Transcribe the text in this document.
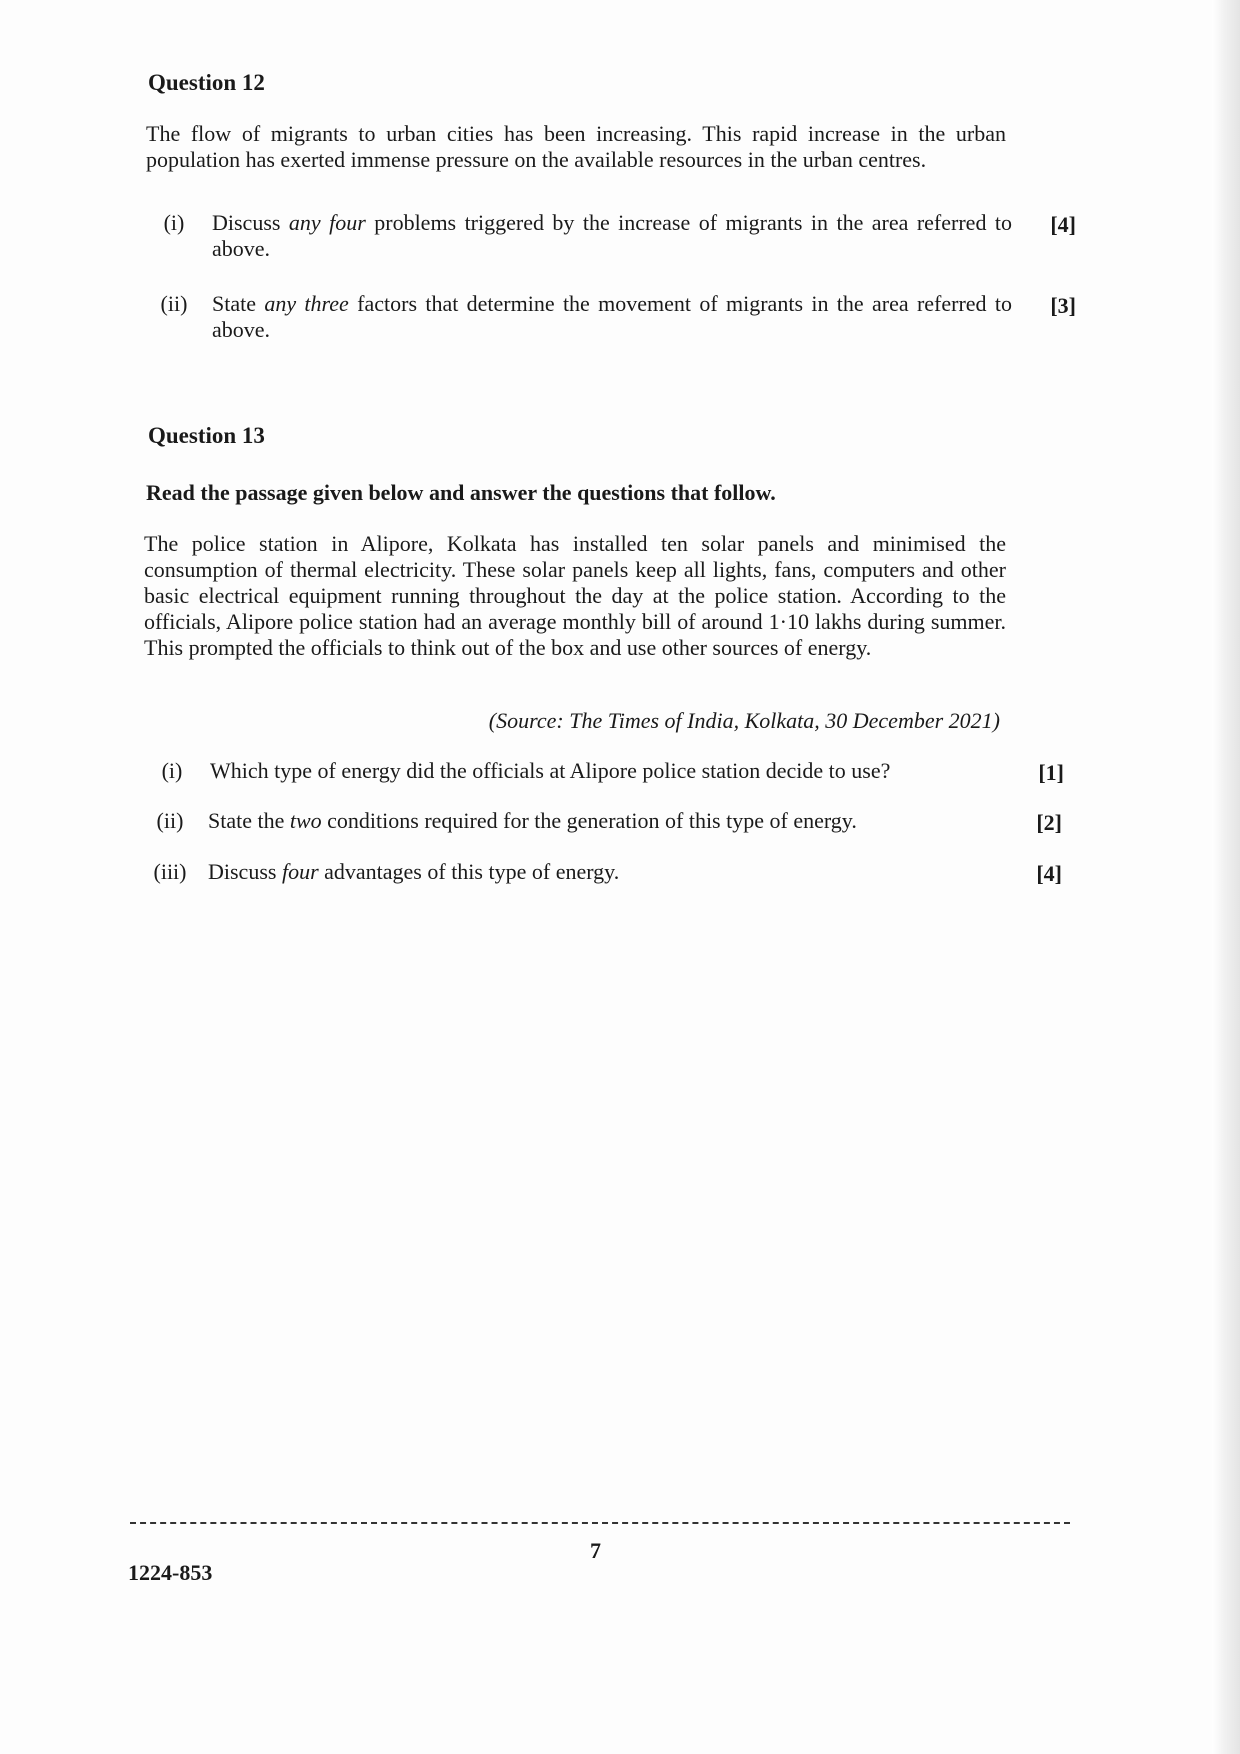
Question 12

The flow of migrants to urban cities has been increasing. This rapid increase in the urban population has exerted immense pressure on the available resources in the urban centres.

(i)	Discuss any four problems triggered by the increase of migrants in the area referred to above.
[4]
(ii)	State any three factors that determine the movement of migrants in the area referred to above.
[3]
Question 13

Read the passage given below and answer the questions that follow.

The police station in Alipore, Kolkata has installed ten solar panels and minimised the consumption of thermal electricity. These solar panels keep all lights, fans, computers and other basic electrical equipment running throughout the day at the police station. According to the officials, Alipore police station had an average monthly bill of around 1·10 lakhs during summer. This prompted the officials to think out of the box and use other sources of energy.

(Source: The Times of India, Kolkata, 30 December 2021)

(i)	Which type of energy did the officials at Alipore police station decide to use?	[1]
(ii)	State the two conditions required for the generation of this type of energy.	[2]
(iii) Discuss four advantages of this type of energy.	[4]
7
1224-853
